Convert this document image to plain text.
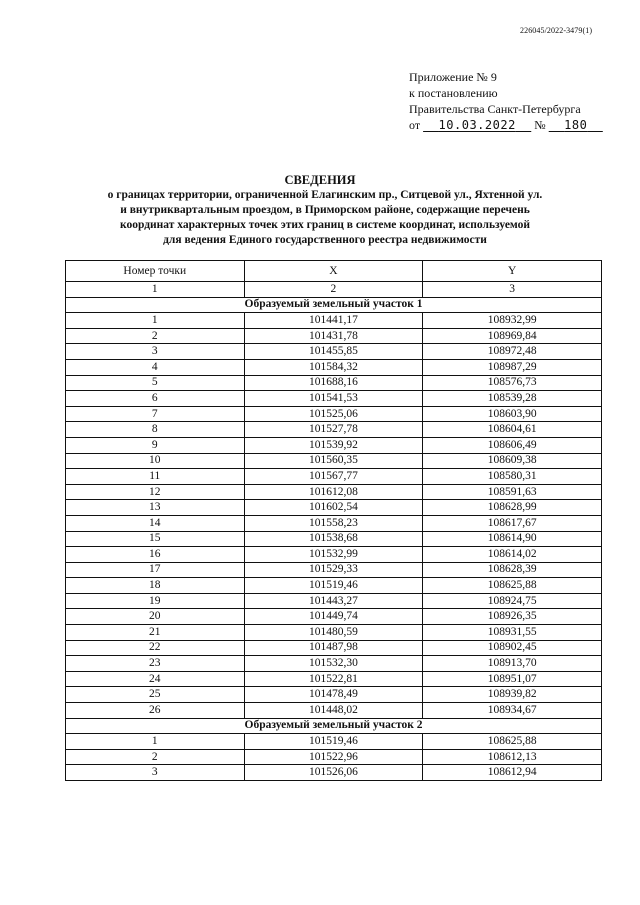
226045/2022-3479(1)
Приложение № 9
к постановлению
Правительства Санкт-Петербурга
от 10.03.2022 № 180
СВЕДЕНИЯ
о границах территории, ограниченной Елагинским пр., Ситцевой ул., Яхтенной ул.
и внутриквартальным проездом, в Приморском районе, содержащие перечень
координат характерных точек этих границ в системе координат, используемой
для ведения Единого государственного реестра недвижимости
Номер точки	X	Y
1	2	3
Образуемый земельный участок 1		
1	101441,17	108932,99
2	101431,78	108969,84
3	101455,85	108972,48
4	101584,32	108987,29
5	101688,16	108576,73
6	101541,53	108539,28
7	101525,06	108603,90
8	101527,78	108604,61
9	101539,92	108606,49
10	101560,35	108609,38
11	101567,77	108580,31
12	101612,08	108591,63
13	101602,54	108628,99
14	101558,23	108617,67
15	101538,68	108614,90
16	101532,99	108614,02
17	101529,33	108628,39
18	101519,46	108625,88
19	101443,27	108924,75
20	101449,74	108926,35
21	101480,59	108931,55
22	101487,98	108902,45
23	101532,30	108913,70
24	101522,81	108951,07
25	101478,49	108939,82
26	101448,02	108934,67
Образуемый земельный участок 2		
1	101519,46	108625,88
2	101522,96	108612,13
3	101526,06	108612,94
